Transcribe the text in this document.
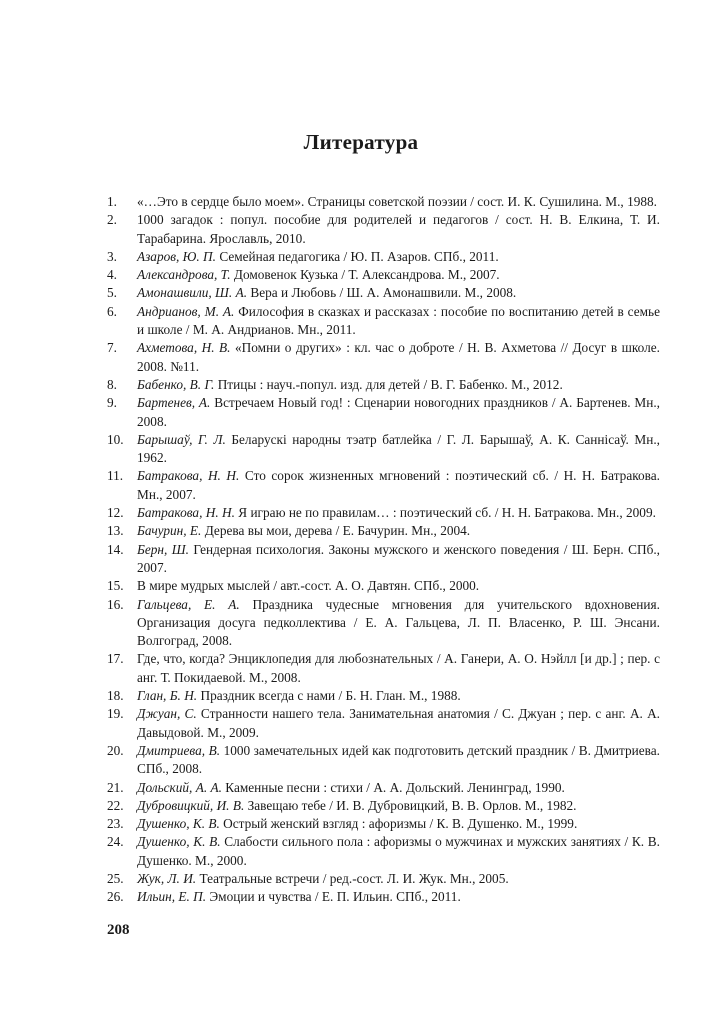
Литература
1.	«…Это в сердце было моем». Страницы советской поэзии / сост. И. К. Сушилина. М., 1988.
2.	1000 загадок : попул. пособие для родителей и педагогов / сост. Н. В. Елкина, Т. И. Тарабарина. Ярославль, 2010.
3.	Азаров, Ю. П. Семейная педагогика / Ю. П. Азаров. СПб., 2011.
4.	Александрова, Т. Домовенок Кузька / Т. Александрова. М., 2007.
5.	Амонашвили, Ш. А. Вера и Любовь / Ш. А. Амонашвили. М., 2008.
6.	Андрианов, М. А. Философия в сказках и рассказах : пособие по воспитанию детей в семье и школе / М. А. Андрианов. Мн., 2011.
7.	Ахметова, Н. В. «Помни о других» : кл. час о доброте / Н. В. Ахметова // Досуг в школе. 2008. №11.
8.	Бабенко, В. Г. Птицы : науч.-попул. изд. для детей / В. Г. Бабенко. М., 2012.
9.	Бартенев, А. Встречаем Новый год! : Сценарии новогодних праздников / А. Бартенев. Мн., 2008.
10.	Барышаў, Г. Л. Беларускі народны тэатр батлейка / Г. Л. Барышаў, А. К. Саннісаў. Мн., 1962.
11.	Батракова, Н. Н. Сто сорок жизненных мгновений : поэтический сб. / Н. Н. Батракова. Мн., 2007.
12.	Батракова, Н. Н. Я играю не по правилам… : поэтический сб. / Н. Н. Батракова. Мн., 2009.
13.	Бачурин, Е. Дерева вы мои, дерева / Е. Бачурин. Мн., 2004.
14.	Берн, Ш. Гендерная психология. Законы мужского и женского поведения / Ш. Берн. СПб., 2007.
15.	В мире мудрых мыслей / авт.-сост. А. О. Давтян. СПб., 2000.
16.	Гальцева, Е. А. Праздника чудесные мгновения для учительского вдохновения. Организация досуга педколлектива / Е. А. Гальцева, Л. П. Власенко, Р. Ш. Энсани. Волгоград, 2008.
17.	Где, что, когда? Энциклопедия для любознательных / А. Ганери, А. О. Нэйлл [и др.] ; пер. с анг. Т. Покидаевой. М., 2008.
18.	Глан, Б. Н. Праздник всегда с нами / Б. Н. Глан. М., 1988.
19.	Джуан, С. Странности нашего тела. Занимательная анатомия / С. Джуан ; пер. с анг. А. А. Давыдовой. М., 2009.
20.	Дмитриева, В. 1000 замечательных идей как подготовить детский праздник / В. Дмитриева. СПб., 2008.
21.	Дольский, А. А. Каменные песни : стихи / А. А. Дольский. Ленинград, 1990.
22.	Дубровицкий, И. В. Завещаю тебе / И. В. Дубровицкий, В. В. Орлов. М., 1982.
23.	Душенко, К. В. Острый женский взгляд : афоризмы / К. В. Душенко. М., 1999.
24.	Душенко, К. В. Слабости сильного пола : афоризмы о мужчинах и мужских занятиях / К. В. Душенко. М., 2000.
25.	Жук, Л. И. Театральные встречи / ред.-сост. Л. И. Жук. Мн., 2005.
26.	Ильин, Е. П. Эмоции и чувства / Е. П. Ильин. СПб., 2011.
208
